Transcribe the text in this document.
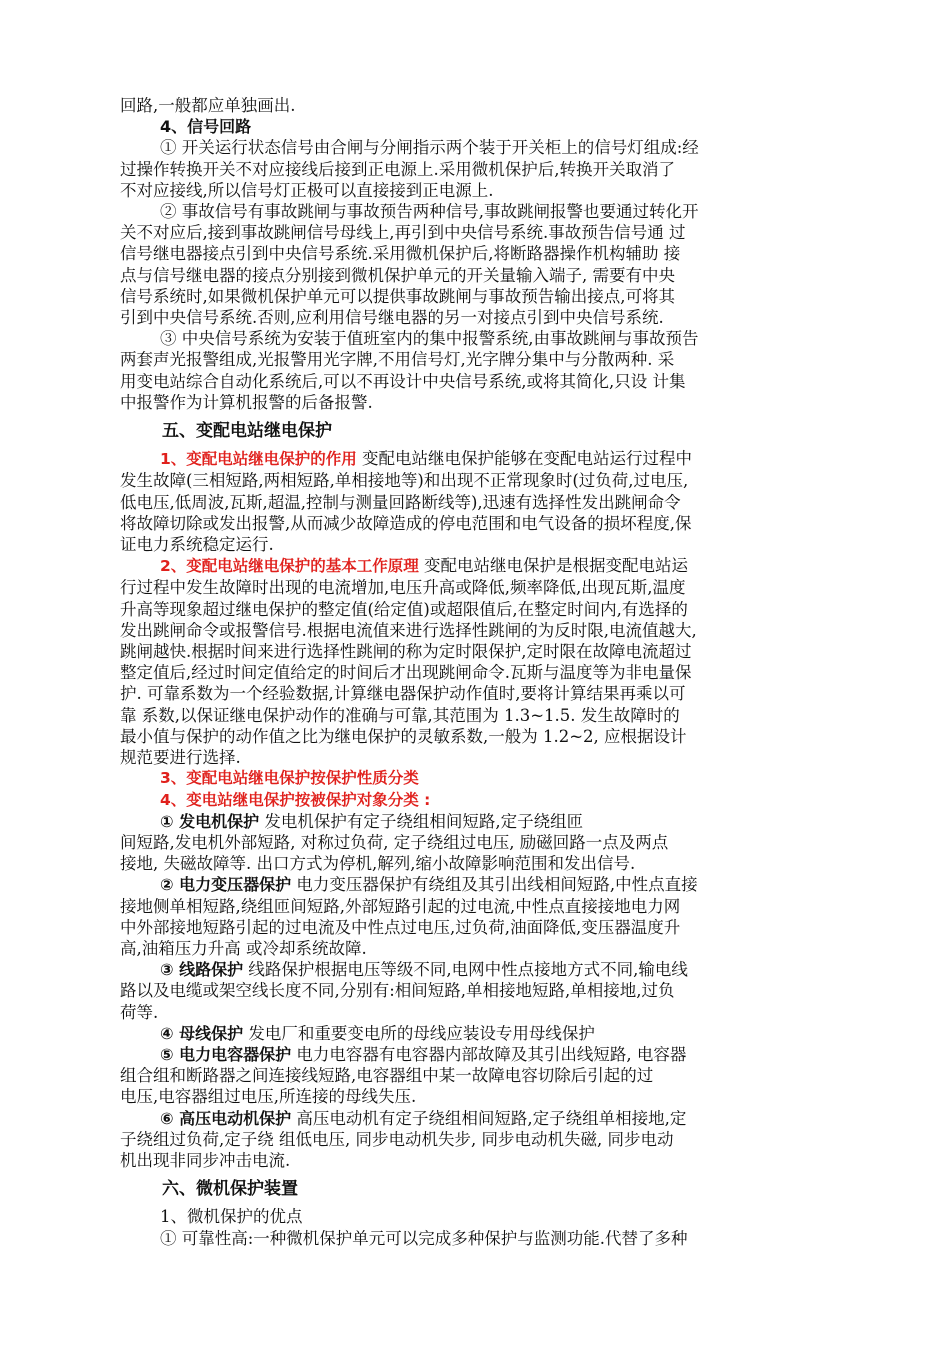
回路,一般都应单独画出.
4、信号回路
① 开关运行状态信号由合闸与分闸指示两个装于开关柜上的信号灯组成:经
过操作转换开关不对应接线后接到正电源上.采用微机保护后,转换开关取消了
不对应接线,所以信号灯正极可以直接接到正电源上.
② 事故信号有事故跳闸与事故预告两种信号,事故跳闸报警也要通过转化开
关不对应后,接到事故跳闸信号母线上,再引到中央信号系统.事故预告信号通 过
信号继电器接点引到中央信号系统.采用微机保护后,将断路器操作机构辅助 接
点与信号继电器的接点分别接到微机保护单元的开关量输入端子, 需要有中央
信号系统时,如果微机保护单元可以提供事故跳闸与事故预告输出接点,可将其
引到中央信号系统.否则,应利用信号继电器的另一对接点引到中央信号系统.
③ 中央信号系统为安装于值班室内的集中报警系统,由事故跳闸与事故预告
两套声光报警组成,光报警用光字牌,不用信号灯,光字牌分集中与分散两种. 采
用变电站综合自动化系统后,可以不再设计中央信号系统,或将其简化,只设 计集
中报警作为计算机报警的后备报警.
五、变配电站继电保护
1、变配电站继电保护的作用 变配电站继电保护能够在变配电站运行过程中
发生故障(三相短路,两相短路,单相接地等)和出现不正常现象时(过负荷,过电压,
低电压,低周波,瓦斯,超温,控制与测量回路断线等),迅速有选择性发出跳闸命令
将故障切除或发出报警,从而减少故障造成的停电范围和电气设备的损坏程度,保
证电力系统稳定运行.
2、变配电站继电保护的基本工作原理 变配电站继电保护是根据变配电站运
行过程中发生故障时出现的电流增加,电压升高或降低,频率降低,出现瓦斯,温度
升高等现象超过继电保护的整定值(给定值)或超限值后,在整定时间内,有选择的
发出跳闸命令或报警信号.根据电流值来进行选择性跳闸的为反时限,电流值越大,
跳闸越快.根据时间来进行选择性跳闸的称为定时限保护,定时限在故障电流超过
整定值后,经过时间定值给定的时间后才出现跳闸命令.瓦斯与温度等为非电量保
护. 可靠系数为一个经验数据,计算继电器保护动作值时,要将计算结果再乘以可
靠 系数,以保证继电保护动作的准确与可靠,其范围为 1.3~1.5. 发生故障时的
最小值与保护的动作值之比为继电保护的灵敏系数,一般为 1.2~2, 应根据设计
规范要进行选择.
3、变配电站继电保护按保护性质分类
4、变电站继电保护按被保护对象分类 :
① 发电机保护 发电机保护有定子绕组相间短路,定子绕组匝
间短路,发电机外部短路, 对称过负荷, 定子绕组过电压, 励磁回路一点及两点
接地, 失磁故障等. 出口方式为停机,解列,缩小故障影响范围和发出信号.
② 电力变压器保护 电力变压器保护有绕组及其引出线相间短路,中性点直接
接地侧单相短路,绕组匝间短路,外部短路引起的过电流,中性点直接接地电力网
中外部接地短路引起的过电流及中性点过电压,过负荷,油面降低,变压器温度升
高,油箱压力升高 或冷却系统故障.
③ 线路保护 线路保护根据电压等级不同,电网中性点接地方式不同,输电线
路以及电缆或架空线长度不同,分别有:相间短路,单相接地短路,单相接地,过负
荷等.
④ 母线保护 发电厂和重要变电所的母线应装设专用母线保护
⑤ 电力电容器保护 电力电容器有电容器内部故障及其引出线短路, 电容器
组合组和断路器之间连接线短路,电容器组中某一故障电容切除后引起的过
电压,电容器组过电压,所连接的母线失压.
⑥ 高压电动机保护 高压电动机有定子绕组相间短路,定子绕组单相接地,定
子绕组过负荷,定子绕 组低电压, 同步电动机失步, 同步电动机失磁, 同步电动
机出现非同步冲击电流.
六、微机保护装置
1、微机保护的优点
① 可靠性高:一种微机保护单元可以完成多种保护与监测功能.代替了多种
